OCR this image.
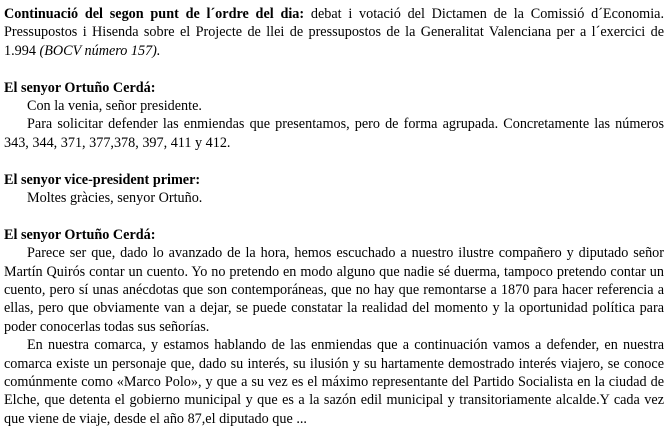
Continuació del segon punt de l´ordre del dia: debat i votació del Dictamen de la Comissió d´Economia. Pressupostos i Hisenda sobre el Projecte de llei de pressupostos de la Generalitat Valenciana per a l´exercici de 1.994 (BOCV número 157).

El senyor Ortuño Cerdá:

Con la venia, señor presidente.

Para solicitar defender las enmiendas que presentamos, pero de forma agrupada. Concretamente las números 343, 344, 371, 377,378, 397, 411 y 412.

El senyor vice-president primer:

Moltes gràcies, senyor Ortuño.

El senyor Ortuño Cerdá:

Parece ser que, dado lo avanzado de la hora, hemos escuchado a nuestro ilustre compañero y diputado señor Martín Quirós contar un cuento. Yo no pretendo en modo alguno que nadie sé duerma, tampoco pretendo contar un cuento, pero sí unas anécdotas que son contemporáneas, que no hay que remontarse a 1870 para hacer referencia a ellas, pero que obviamente van a dejar, se puede constatar la realidad del momento y la oportunidad política para poder conocerlas todas sus señorías.

En nuestra comarca, y estamos hablando de las enmiendas que a continuación vamos a defender, en nuestra comarca existe un personaje que, dado su interés, su ilusión y su hartamente demostrado interés viajero, se conoce comúnmente como «Marco Polo», y que a su vez es el máximo representante del Partido Socialista en la ciudad de Elche, que detenta el gobierno municipal y que es a la sazón edil municipal y transitoriamente alcalde.Y cada vez que viene de viaje, desde el año 87,el diputado que ...
